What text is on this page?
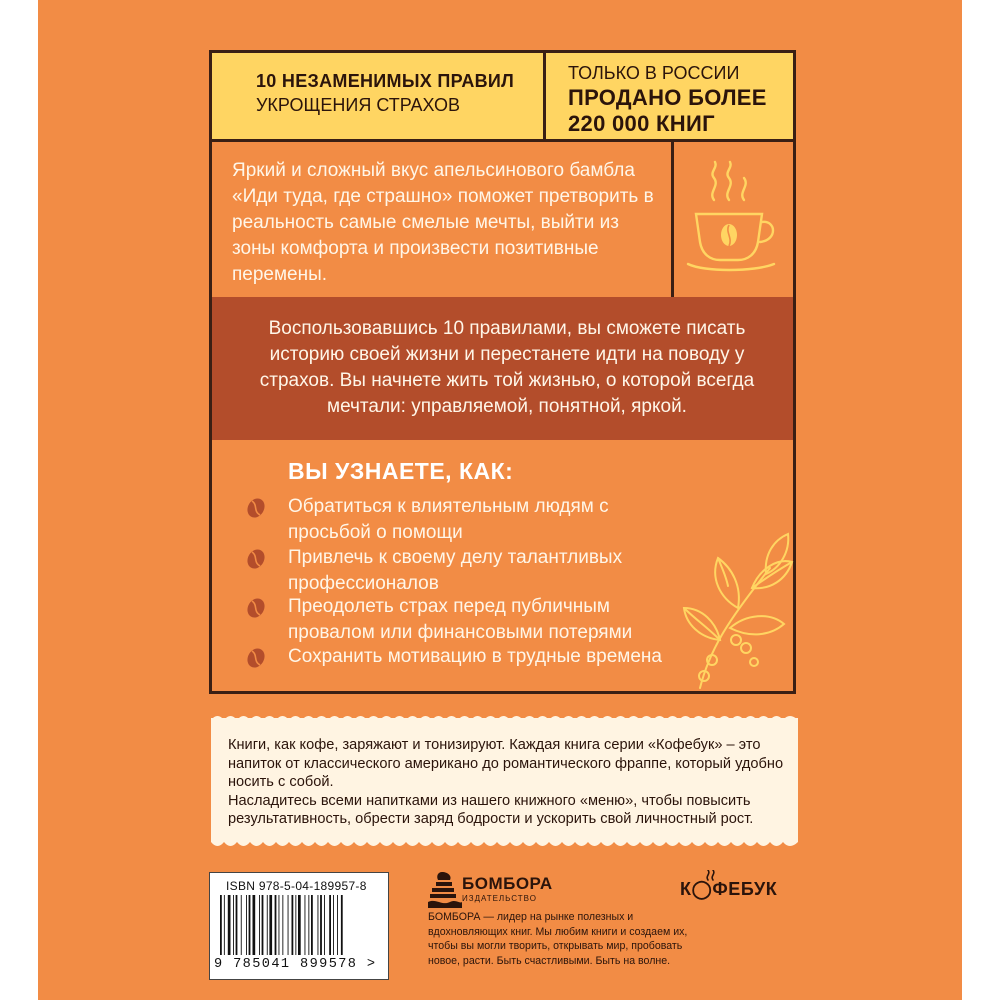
10 НЕЗАМЕНИМЫХ ПРАВИЛ
УКРОЩЕНИЯ СТРАХОВ
ТОЛЬКО В РОССИИ
ПРОДАНО БОЛЕЕ
220 000 КНИГ
Яркий и сложный вкус апельсинового бамбла «Иди туда, где страшно» поможет претворить в реальность самые смелые мечты, выйти из зоны комфорта и произвести позитивные перемены.
Воспользовавшись 10 правилами, вы сможете писать историю своей жизни и перестанете идти на поводу у страхов. Вы начнете жить той жизнью, о которой всегда мечтали: управляемой, понятной, яркой.
ВЫ УЗНАЕТЕ, КАК:
Обратиться к влиятельным людям с просьбой о помощи
Привлечь к своему делу талантливых профессионалов
Преодолеть страх перед публичным провалом или финансовыми потерями
Сохранить мотивацию в трудные времена
Книги, как кофе, заряжают и тонизируют. Каждая книга серии «Кофебук» – это напиток от классического американо до романтического фраппе, который удобно носить с собой.
Насладитесь всеми напитками из нашего книжного «меню», чтобы повысить результативность, обрести заряд бодрости и ускорить свой личностный рост.
ISBN 978-5-04-189957-8
9 785041 899578 >
БОМБОРА
ИЗДАТЕЛЬСТВО
БОМБОРА — лидер на рынке полезных и вдохновляющих книг. Мы любим книги и создаем их, чтобы вы могли творить, открывать мир, пробовать новое, расти. Быть счастливыми. Быть на волне.
К◯ФЕБУК
